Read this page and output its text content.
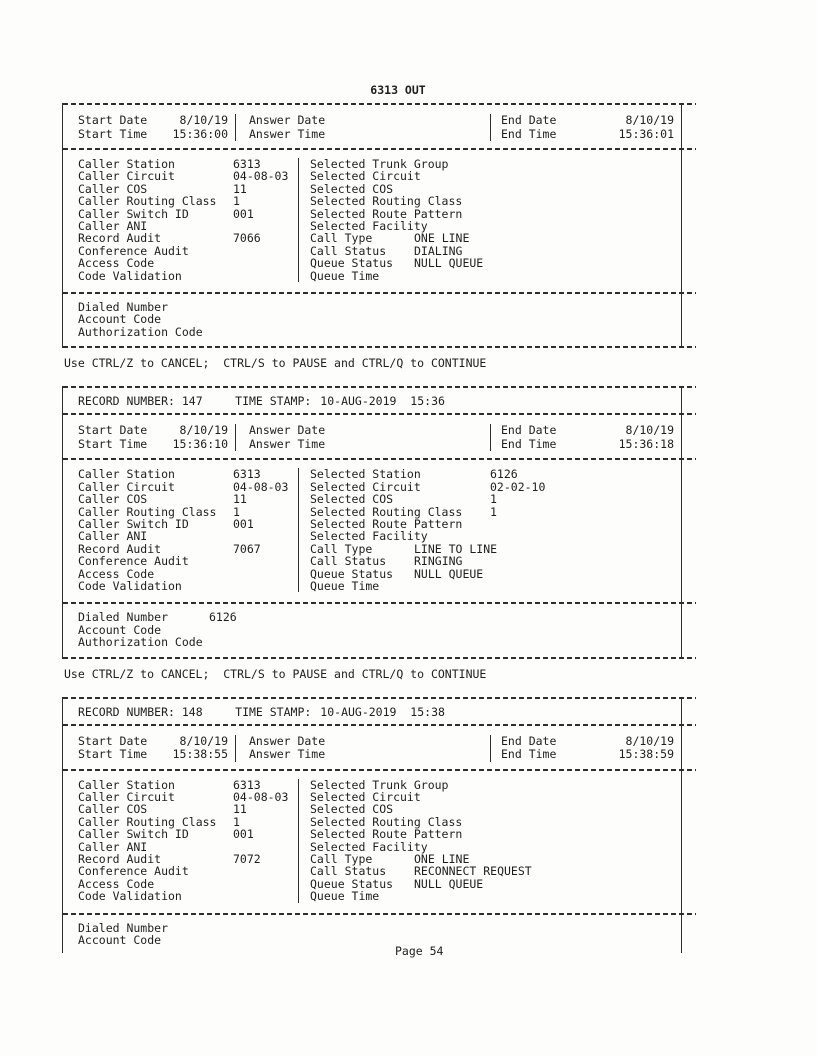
6313 OUT
Start Date	8/10/19
Start Time 15:36:00
Answer Date
Answer Time
End Date	8/10/19
End Time	15:36:01
Caller Station	6313
Caller Circuit	04-08-03
Caller COS	11
Caller Routing Class	1
Caller Switch ID	001
Caller ANI
Record Audit	7066
Conference Audit
Access Code
Code Validation
Selected Trunk Group
Selected Circuit
Selected COS
Selected Routing Class
Selected Route Pattern
Selected Facility
Call Type	ONE LINE
Call Status	DIALING
Queue Status	NULL QUEUE
Queue Time
Dialed Number
Account Code
Authorization Code
Use CTRL/Z to CANCEL;  CTRL/S to PAUSE and CTRL/Q to CONTINUE
RECORD NUMBER: 147	TIME STAMP: 10-AUG-2019  15:36
Start Date	8/10/19
Start Time 15:36:10
Answer Date
Answer Time
End Date	8/10/19
End Time	15:36:18
Caller Station	6313
Caller Circuit	04-08-03
Caller COS	11
Caller Routing Class	1
Caller Switch ID	001
Caller ANI
Record Audit	7067
Conference Audit
Access Code
Code Validation
Selected Station	6126
Selected Circuit	02-02-10
Selected COS	1
Selected Routing Class	1
Selected Route Pattern
Selected Facility
Call Type	LINE TO LINE
Call Status	RINGING
Queue Status	NULL QUEUE
Queue Time
Dialed Number	6126
Account Code
Authorization Code
Use CTRL/Z to CANCEL;  CTRL/S to PAUSE and CTRL/Q to CONTINUE
RECORD NUMBER: 148	TIME STAMP: 10-AUG-2019  15:38
Start Date	8/10/19
Start Time 15:38:55
Answer Date
Answer Time
End Date	8/10/19
End Time	15:38:59
Caller Station	6313
Caller Circuit	04-08-03
Caller COS	11
Caller Routing Class	1
Caller Switch ID	001
Caller ANI
Record Audit	7072
Conference Audit
Access Code
Code Validation
Selected Trunk Group
Selected Circuit
Selected COS
Selected Routing Class
Selected Route Pattern
Selected Facility
Call Type	ONE LINE
Call Status	RECONNECT REQUEST
Queue Status	NULL QUEUE
Queue Time
Dialed Number
Account Code
Page 54
